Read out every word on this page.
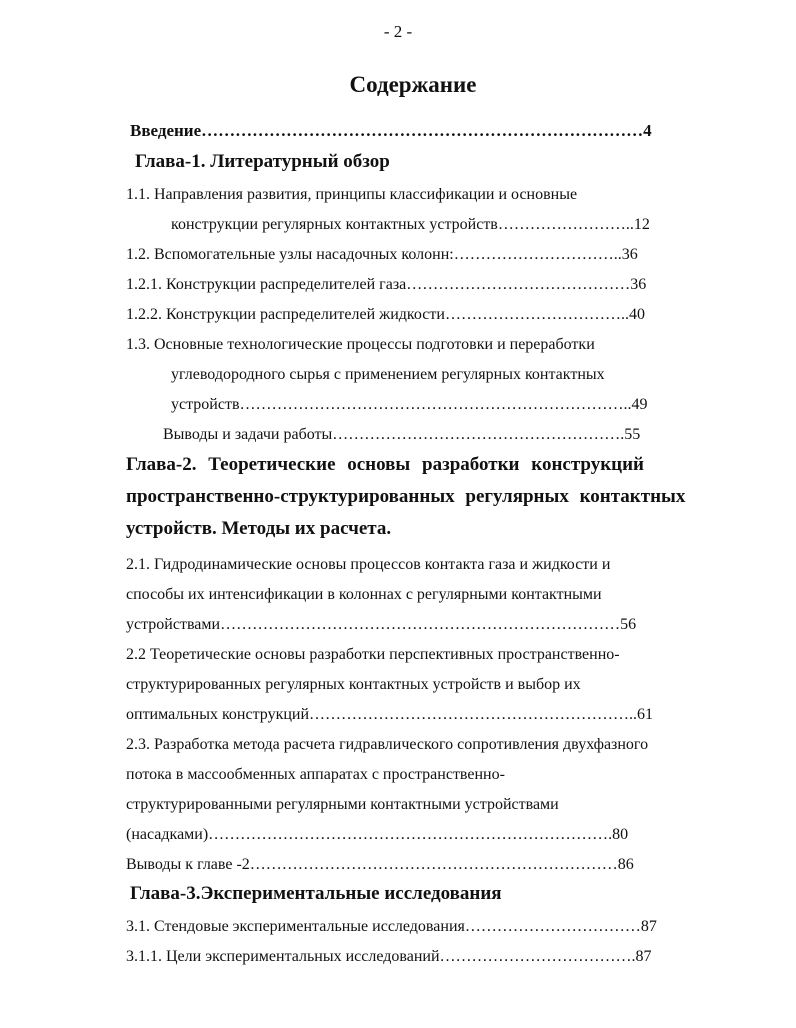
- 2 -
Содержание
Введение……………………………………………………………………4
Глава-1. Литературный обзор
1.1. Направления развития, принципы классификации и основные
конструкции регулярных контактных устройств……………………..12
1.2. Вспомогательные узлы насадочных колонн:…………………………..36
1.2.1. Конструкции распределителей газа……………………………………36
1.2.2. Конструкции распределителей жидкости……………………………..40
1.3. Основные технологические процессы подготовки и переработки
углеводородного сырья с применением регулярных контактных
устройств………………………………………………………………..49
Выводы и задачи работы……………………………………………….55
Глава-2. Теоретические основы разработки конструкций
пространственно-структурированных регулярных контактных
устройств. Методы их расчета.
2.1. Гидродинамические основы процессов контакта газа и жидкости и
способы их интенсификации в колоннах с регулярными контактными
устройствами…………………………………………………………………56
2.2 Теоретические основы разработки перспективных пространственно-
структурированных регулярных контактных устройств и выбор их
оптимальных конструкций……………………………………………………..61
2.3. Разработка метода расчета гидравлического сопротивления двухфазного
потока в массообменных аппаратах с пространственно-
структурированными регулярными контактными устройствами
(насадками)………………………………………………………………….80
Выводы к главе -2……………………………………………………………86
Глава-3.Экспериментальные исследования
3.1. Стендовые экспериментальные исследования……………………………87
3.1.1. Цели экспериментальных исследований……………………………….87
